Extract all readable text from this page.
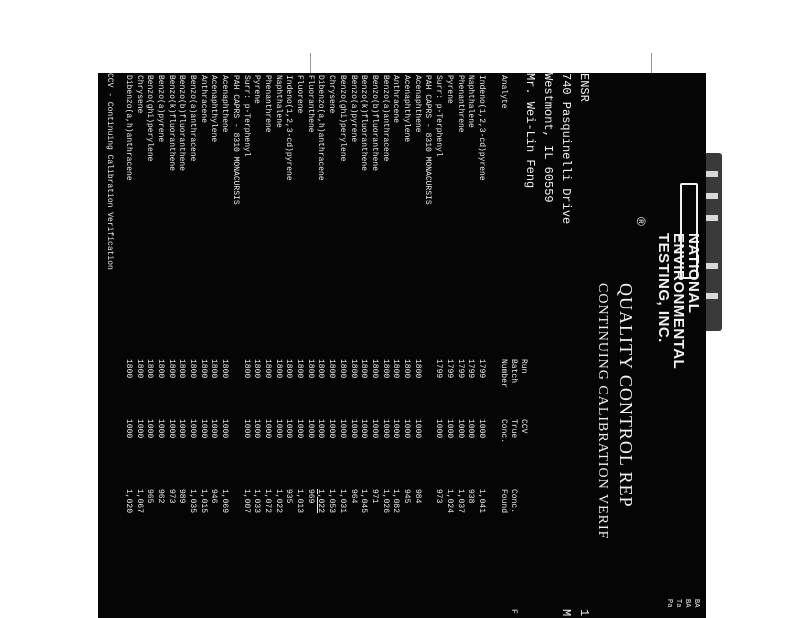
NATIONAL
ENVIRONMENTAL
TESTING, INC.
®
QUALITY CONTROL REP
CONTINUING CALIBRATION VERIF
BA
BA
Ta
Pa
ENSR
740 Pasquinelli Drive
Westmont, IL 60559
Mr. Wei-Lin Feng
1
M
Analyte
Run
Batch
Number
CCV
True
Conc.
Conc.
Found
F
Indeno(1,2,3-cd)pyrene
1799
1000
1,041
Naphthalene
1799
1000
938
Phenanthrene
1799
1000
1,037
Pyrene
1799
1000
1,024
Surr: p-Terphenyl
1799
1000
973
PAH CAPRS - 8310 MONACURSIS
Acenaphthene
1800
1000
984
Acenaphthylene
1800
1000
945
Anthracene
1800
1000
1,082
Benzo(a)anthracene
1800
1000
1,026
Benzo(b)fluoranthene
1800
1000
971
Benzo(k)fluoranthene
1800
1000
1,045
Benzo(a)pyrene
1800
1000
964
Benzo(ghi)perylene
1800
1000
1,031
Chrysene
1800
1000
1,053
Dibenzo(a,h)anthracene
1800
1000
1,022
Fluoranthene
1800
1000
969
Fluorene
1800
1000
1,013
Indeno(1,2,3-cd)pyrene
1800
1000
935
Naphthalene
1800
1000
1,022
Phenanthrene
1800
1000
1,072
Pyrene
1800
1000
1,033
Surr: p-Terphenyl
1800
1000
1,007
PAH CAPRS - 8310 MONACURSIS
Acenaphthene
1800
1000
1,069
Acenaphthylene
1800
1000
946
Anthracene
1800
1000
1,015
Benzo(a)anthracene
1800
1000
1,035
Benzo(b)fluoranthene
1800
1000
989
Benzo(k)fluoranthene
1800
1000
973
Benzo(a)pyrene
1800
1000
962
Benzo(ghi)perylene
1800
1000
965
Chrysene
1800
1000
1,067
Dibenzo(a,h)anthracene
1800
1000
1,020
CCV - Continuing Calibration Verification
